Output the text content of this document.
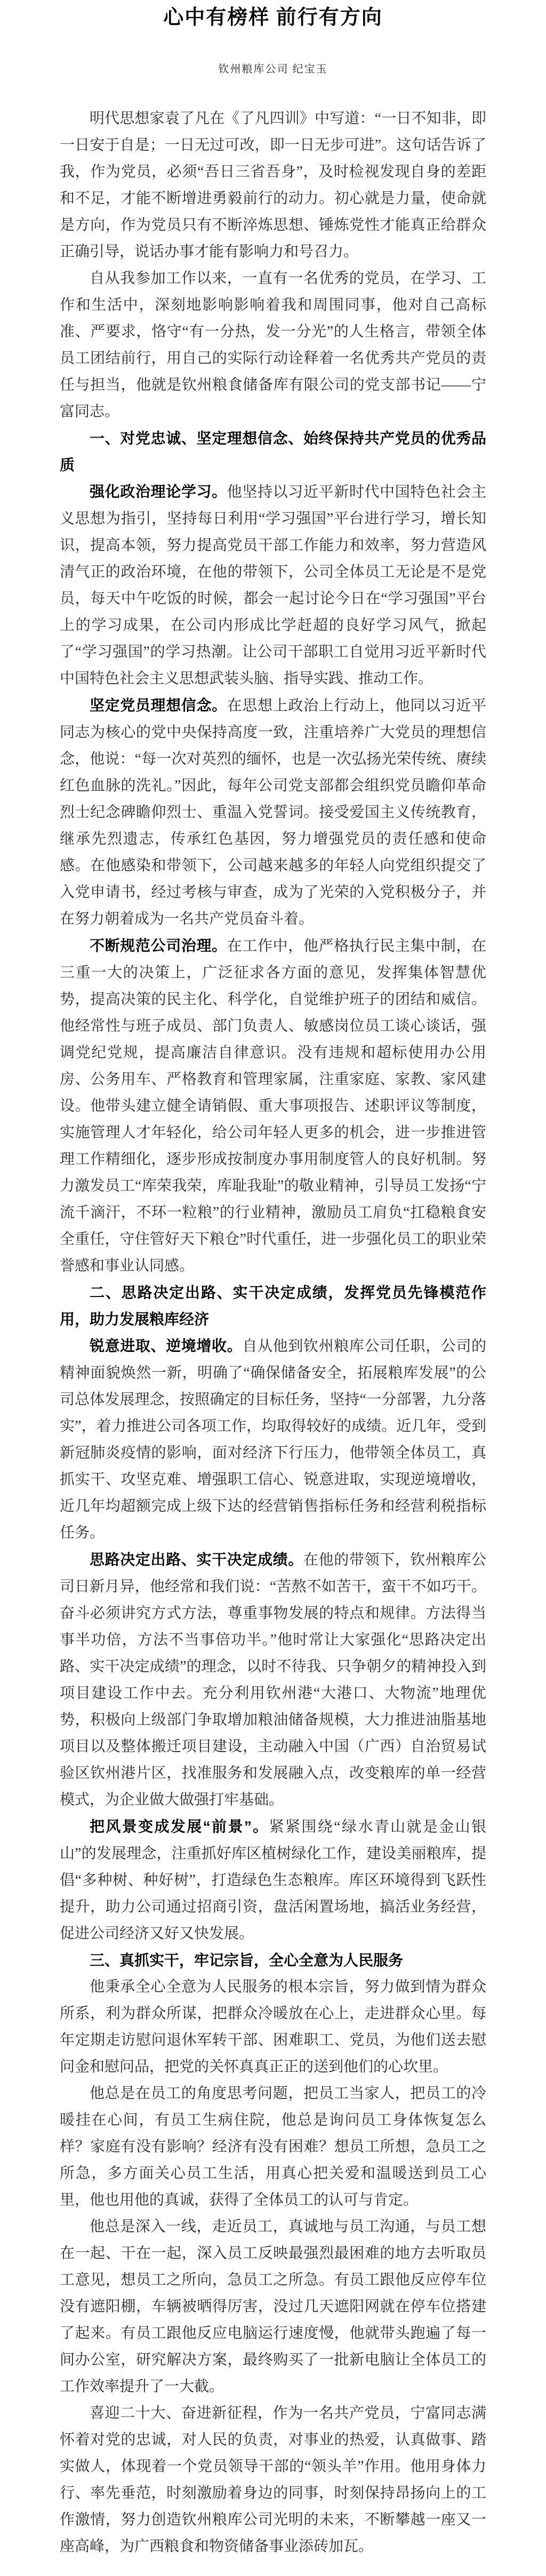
心中有榜样 前行有方向
钦州粮库公司 纪宝玉

明代思想家袁了凡在《了凡四训》中写道：“一日不知非，即一日安于自是；一日无过可改，即一日无步可进”。这句话告诉了我，作为党员，必须“吾日三省吾身”，及时检视发现自身的差距和不足，才能不断增进勇毅前行的动力。初心就是力量，使命就是方向，作为党员只有不断淬炼思想、锤炼党性才能真正给群众正确引导，说话办事才能有影响力和号召力。

自从我参加工作以来，一直有一名优秀的党员，在学习、工作和生活中，深刻地影响影响着我和周围同事，他对自己高标准、严要求，恪守“有一分热，发一分光”的人生格言，带领全体员工团结前行，用自己的实际行动诠释着一名优秀共产党员的责任与担当，他就是钦州粮食储备库有限公司的党支部书记——宁富同志。

一、对党忠诚、坚定理想信念、始终保持共产党员的优秀品质

强化政治理论学习。他坚持以习近平新时代中国特色社会主义思想为指引，坚持每日利用“学习强国”平台进行学习，增长知识，提高本领，努力提高党员干部工作能力和效率，努力营造风清气正的政治环境，在他的带领下，公司全体员工无论是不是党员，每天中午吃饭的时候，都会一起讨论今日在“学习强国”平台上的学习成果，在公司内形成比学赶超的良好学习风气，掀起了“学习强国”的学习热潮。让公司干部职工自觉用习近平新时代中国特色社会主义思想武装头脑、指导实践、推动工作。

坚定党员理想信念。在思想上政治上行动上，他同以习近平同志为核心的党中央保持高度一致，注重培养广大党员的理想信念，他说：“每一次对英烈的缅怀，也是一次弘扬光荣传统、赓续红色血脉的洗礼。”因此，每年公司党支部都会组织党员瞻仰革命烈士纪念碑瞻仰烈士、重温入党誓词。接受爱国主义传统教育，继承先烈遗志，传承红色基因，努力增强党员的责任感和使命感。在他感染和带领下，公司越来越多的年轻人向党组织提交了入党申请书，经过考核与审查，成为了光荣的入党积极分子，并在努力朝着成为一名共产党员奋斗着。

不断规范公司治理。在工作中，他严格执行民主集中制，在三重一大的决策上，广泛征求各方面的意见，发挥集体智慧优势，提高决策的民主化、科学化，自觉维护班子的团结和威信。他经常性与班子成员、部门负责人、敏感岗位员工谈心谈话，强调党纪党规，提高廉洁自律意识。没有违规和超标使用办公用房、公务用车、严格教育和管理家属，注重家庭、家教、家风建设。他带头建立健全请销假、重大事项报告、述职评议等制度，实施管理人才年轻化，给公司年轻人更多的机会，进一步推进管理工作精细化，逐步形成按制度办事用制度管人的良好机制。努力激发员工“库荣我荣，库耻我耻”的敬业精神，引导员工发扬“宁流千滴汗，不环一粒粮”的行业精神，激励员工肩负“扛稳粮食安全重任，守住管好天下粮仓”时代重任，进一步强化员工的职业荣誉感和事业认同感。

二、思路决定出路、实干决定成绩，发挥党员先锋模范作用，助力发展粮库经济

锐意进取、逆境增收。自从他到钦州粮库公司任职，公司的精神面貌焕然一新，明确了“确保储备安全，拓展粮库发展”的公司总体发展理念，按照确定的目标任务，坚持“一分部署，九分落实”，着力推进公司各项工作，均取得较好的成绩。近几年，受到新冠肺炎疫情的影响，面对经济下行压力，他带领全体员工，真抓实干、攻坚克难、增强职工信心、锐意进取，实现逆境增收，近几年均超额完成上级下达的经营销售指标任务和经营利税指标任务。

思路决定出路、实干决定成绩。在他的带领下，钦州粮库公司日新月异，他经常和我们说：“苦熬不如苦干，蛮干不如巧干。奋斗必须讲究方式方法，尊重事物发展的特点和规律。方法得当事半功倍，方法不当事倍功半。”他时常让大家强化“思路决定出路、实干决定成绩”的理念，以时不待我、只争朝夕的精神投入到项目建设工作中去。充分利用钦州港“大港口、大物流”地理优势，积极向上级部门争取增加粮油储备规模，大力推进油脂基地项目以及整体搬迁项目建设，主动融入中国（广西）自治贸易试验区钦州港片区，找准服务和发展融入点，改变粮库的单一经营模式，为企业做大做强打牢基础。

把风景变成发展“前景”。紧紧围绕“绿水青山就是金山银山”的发展理念，注重抓好库区植树绿化工作，建设美丽粮库，提倡“多种树、种好树”，打造绿色生态粮库。库区环境得到飞跃性提升，助力公司通过招商引资，盘活闲置场地，搞活业务经营，促进公司经济又好又快发展。

三、真抓实干，牢记宗旨，全心全意为人民服务

他秉承全心全意为人民服务的根本宗旨，努力做到情为群众所系，利为群众所谋，把群众冷暖放在心上，走进群众心里。每年定期走访慰问退休军转干部、困难职工、党员，为他们送去慰问金和慰问品，把党的关怀真真正正的送到他们的心坎里。

他总是在员工的角度思考问题，把员工当家人，把员工的冷暖挂在心间，有员工生病住院，他总是询问员工身体恢复怎么样？家庭有没有影响？经济有没有困难？想员工所想，急员工之所急，多方面关心员工生活，用真心把关爱和温暖送到员工心里，他也用他的真诚，获得了全体员工的认可与肯定。

他总是深入一线，走近员工，真诚地与员工沟通，与员工想在一起、干在一起，深入员工反映最强烈最困难的地方去听取员工意见，想员工之所向，急员工之所急。有员工跟他反应停车位没有遮阳棚，车辆被晒得厉害，没过几天遮阳网就在停车位搭建了起来。有员工跟他反应电脑运行速度慢，他就带头跑遍了每一间办公室，研究解决方案，最终购买了一批新电脑让全体员工的工作效率提升了一大截。

喜迎二十大、奋进新征程，作为一名共产党员，宁富同志满怀着对党的忠诚，对人民的负责，对事业的热爱，认真做事、踏实做人，体现着一个党员领导干部的“领头羊”作用。他用身体力行、率先垂范，时刻激励着身边的同事，时刻保持昂扬向上的工作激情，努力创造钦州粮库公司光明的未来，不断攀越一座又一座高峰，为广西粮食和物资储备事业添砖加瓦。
